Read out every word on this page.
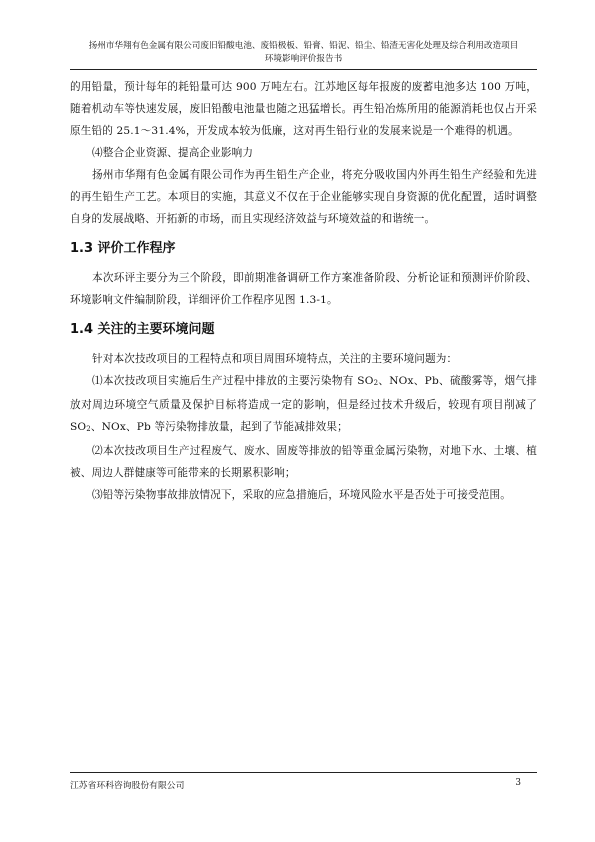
扬州市华翔有色金属有限公司废旧铅酸电池、废铅极板、铅膏、铅泥、铅尘、铅渣无害化处理及综合利用改造项目
环境影响评价报告书

的用铅量，预计每年的耗铅量可达 900 万吨左右。江苏地区每年报废的废蓄电池多达 100 万吨，随着机动车等快速发展，废旧铅酸电池量也随之迅猛增长。再生铅冶炼所用的能源消耗也仅占开采原生铅的 25.1～31.4%，开发成本较为低廉，这对再生铅行业的发展来说是一个难得的机遇。

⑷整合企业资源、提高企业影响力

扬州市华翔有色金属有限公司作为再生铅生产企业，将充分吸收国内外再生铅生产经验和先进的再生铅生产工艺。本项目的实施，其意义不仅在于企业能够实现自身资源的优化配置，适时调整自身的发展战略、开拓新的市场，而且实现经济效益与环境效益的和谐统一。

1.3 评价工作程序

本次环评主要分为三个阶段，即前期准备调研工作方案准备阶段、分析论证和预测评价阶段、环境影响文件编制阶段，详细评价工作程序见图 1.3-1。

1.4 关注的主要环境问题

针对本次技改项目的工程特点和项目周围环境特点，关注的主要环境问题为：

⑴本次技改项目实施后生产过程中排放的主要污染物有 $SO_2$、NOx、Pb、硫酸雾等，烟气排放对周边环境空气质量及保护目标将造成一定的影响，但是经过技术升级后，较现有项目削减了 $SO_2$、NOx、Pb 等污染物排放量，起到了节能减排效果；

⑵本次技改项目生产过程废气、废水、固废等排放的铅等重金属污染物，对地下水、土壤、植被、周边人群健康等可能带来的长期累积影响；

⑶铅等污染物事故排放情况下，采取的应急措施后，环境风险水平是否处于可接受范围。

江苏省环科咨询股份有限公司	3
